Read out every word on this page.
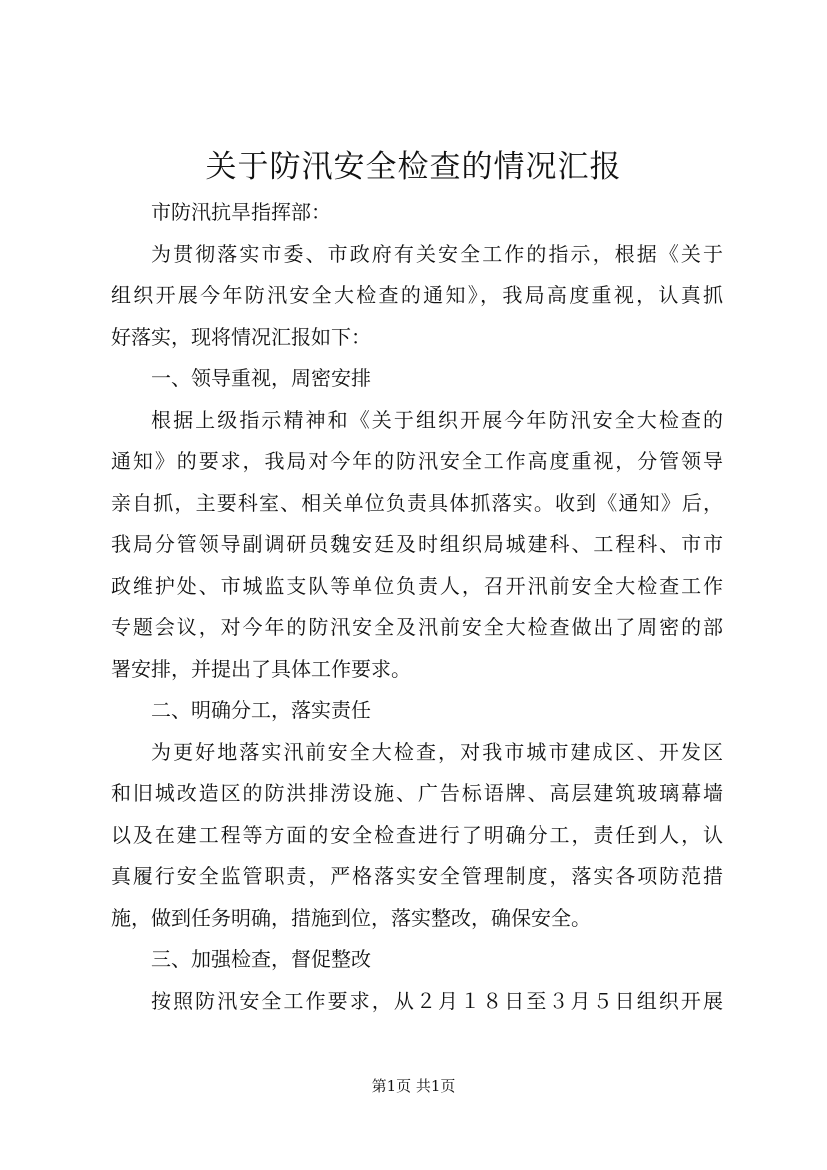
关于防汛安全检查的情况汇报
市防汛抗旱指挥部：
为贯彻落实市委、市政府有关安全工作的指示，根据《关于
组织开展今年防汛安全大检查的通知》，我局高度重视，认真抓
好落实，现将情况汇报如下：
一、领导重视，周密安排
根据上级指示精神和《关于组织开展今年防汛安全大检查的
通知》的要求，我局对今年的防汛安全工作高度重视，分管领导
亲自抓，主要科室、相关单位负责具体抓落实。收到《通知》后，
我局分管领导副调研员魏安廷及时组织局城建科、工程科、市市
政维护处、市城监支队等单位负责人，召开汛前安全大检查工作
专题会议，对今年的防汛安全及汛前安全大检查做出了周密的部
署安排，并提出了具体工作要求。
二、明确分工，落实责任
为更好地落实汛前安全大检查，对我市城市建成区、开发区
和旧城改造区的防洪排涝设施、广告标语牌、高层建筑玻璃幕墙
以及在建工程等方面的安全检查进行了明确分工，责任到人，认
真履行安全监管职责，严格落实安全管理制度，落实各项防范措
施，做到任务明确，措施到位，落实整改，确保安全。
三、加强检查，督促整改
按照防汛安全工作要求，从２月１８日至３月５日组织开展
第1页 共1页
